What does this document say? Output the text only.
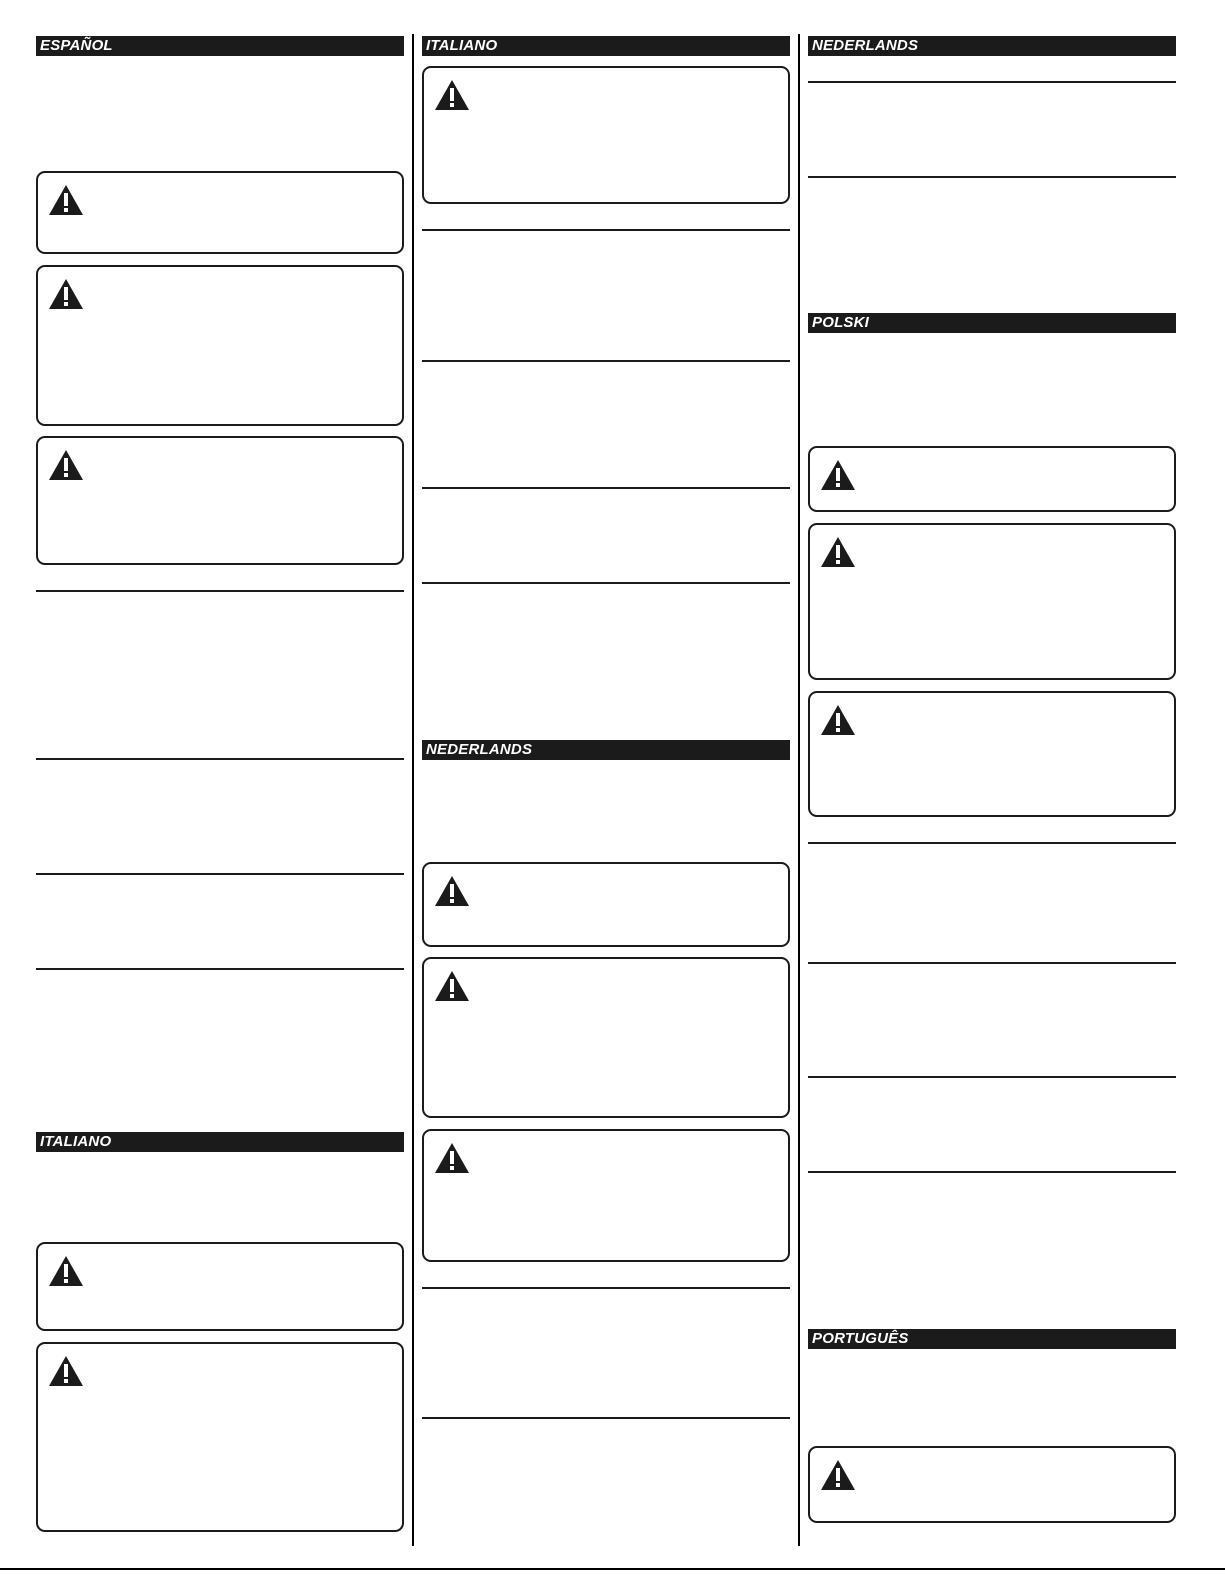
ESPAÑOL
ITALIANO
ITALIANO
NEDERLANDS
NEDERLANDS
POLSKI
PORTUGUÊS
